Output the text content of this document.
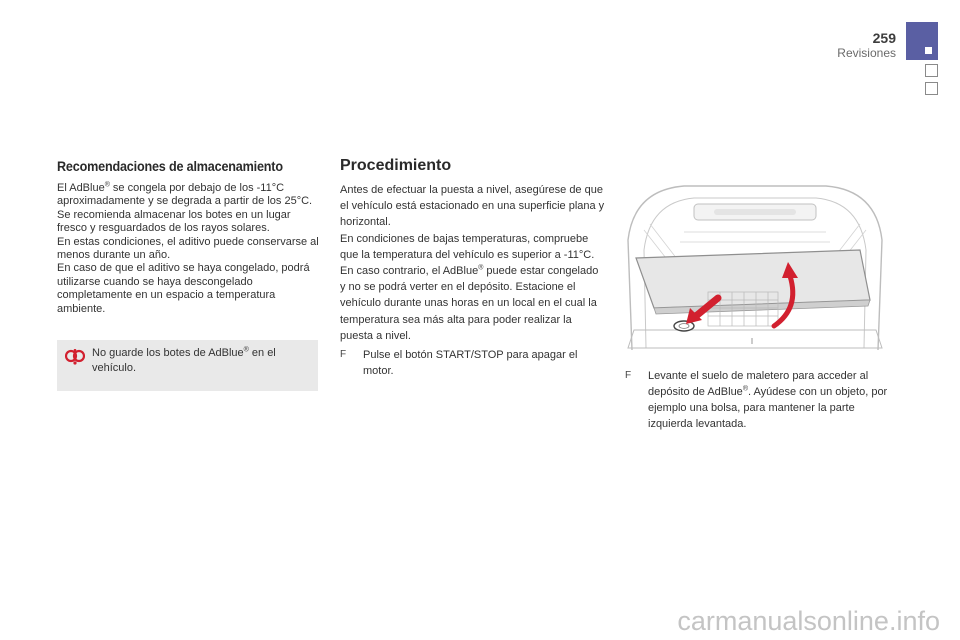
259
Revisiones
Recomendaciones de almacenamiento

El AdBlue® se congela por debajo de los -11°C aproximadamente y se degrada a partir de los 25°C. Se recomienda almacenar los botes en un lugar fresco y resguardados de los rayos solares.

En estas condiciones, el aditivo puede conservarse al menos durante un año.

En caso de que el aditivo se haya congelado, podrá utilizarse cuando se haya descongelado completamente en un espacio a temperatura ambiente.

No guarde los botes de AdBlue® en el vehículo.
Procedimiento

Antes de efectuar la puesta a nivel, asegúrese de que el vehículo está estacionado en una superficie plana y horizontal.

En condiciones de bajas temperaturas, compruebe que la temperatura del vehículo es superior a -11°C. En caso contrario, el AdBlue® puede estar congelado y no se podrá verter en el depósito. Estacione el vehículo durante unas horas en un local en el cual la temperatura sea más alta para poder realizar la puesta a nivel.

F Pulse el botón START/STOP para apagar el motor.	F Levante el suelo de maletero para acceder al depósito de AdBlue®. Ayúdese con un objeto, por ejemplo una bolsa, para mantener la parte izquierda levantada.
carmanualsonline.info
